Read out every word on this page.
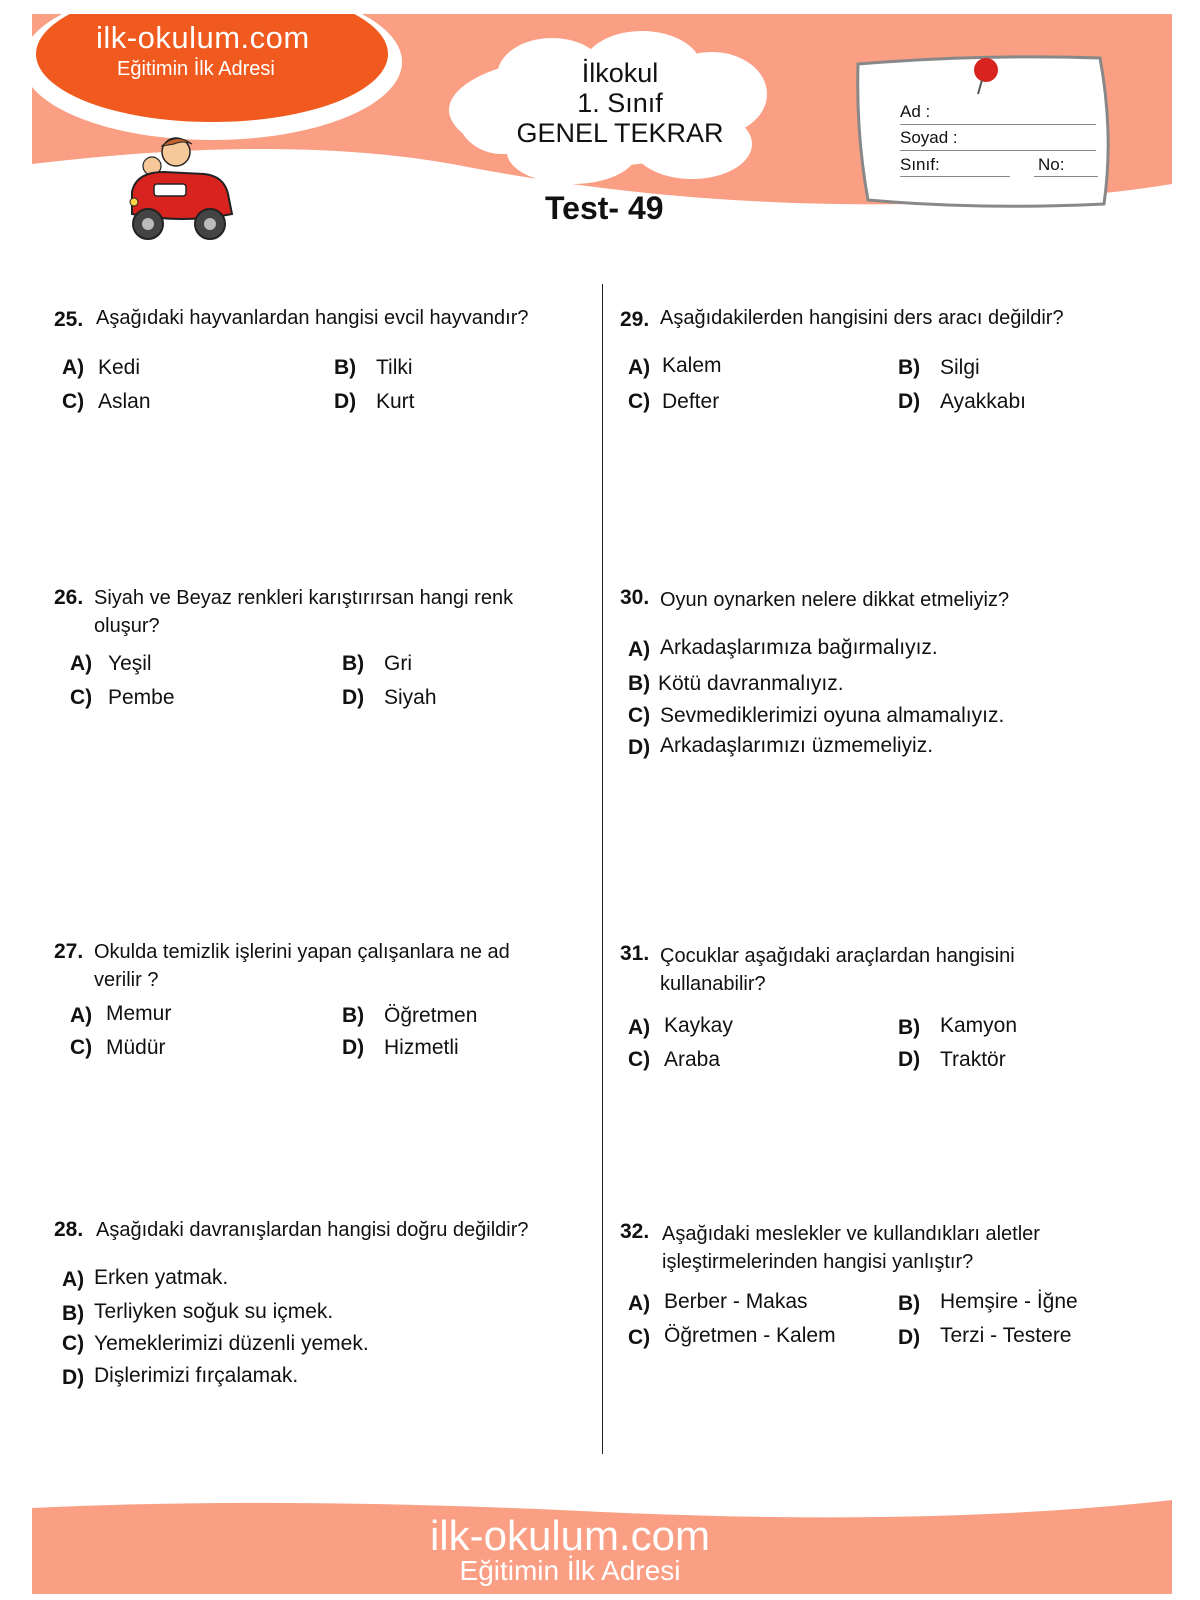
ilk-okulum.com
Eğitimin İlk Adresi	İlkokul
1. Sınıf
GENEL TEKRAR
Test- 49
Ad :
Soyad :
Sınıf:	No:
25. Aşağıdaki hayvanlardan hangisi evcil hayvandır?
A) Kedi	B) Tilki
C) Aslan	D) Kurt
26. Siyah ve Beyaz renkleri karıştırırsan hangi renk
oluşur?
A) Yeşil	B) Gri
C) Pembe	D) Siyah
27. Okulda temizlik işlerini yapan çalışanlara ne ad
verilir ?
A) Memur	B) Öğretmen
C) Müdür	D) Hizmetli
28. Aşağıdaki davranışlardan hangisi doğru değildir?
A) Erken yatmak.
B) Terliyken soğuk su içmek.
C) Yemeklerimizi düzenli yemek.
D) Dişlerimizi fırçalamak.
29. Aşağıdakilerden hangisini ders aracı değildir?
A) Kalem	B) Silgi
C) Defter	D) Ayakkabı
30. Oyun oynarken nelere dikkat etmeliyiz?
A) Arkadaşlarımıza bağırmalıyız.
B) Kötü davranmalıyız.
C) Sevmediklerimizi oyuna almamalıyız.
D) Arkadaşlarımızı üzmemeliyiz.
31. Çocuklar aşağıdaki araçlardan hangisini
kullanabilir?
A) Kaykay	B) Kamyon
C) Araba	D) Traktör
32. Aşağıdaki meslekler ve kullandıkları aletler
işleştirmelerinden hangisi yanlıştır?
A) Berber - Makas	B) Hemşire - İğne
C) Öğretmen - Kalem	D) Terzi - Testere
ilk-okulum.com
Eğitimin İlk Adresi
